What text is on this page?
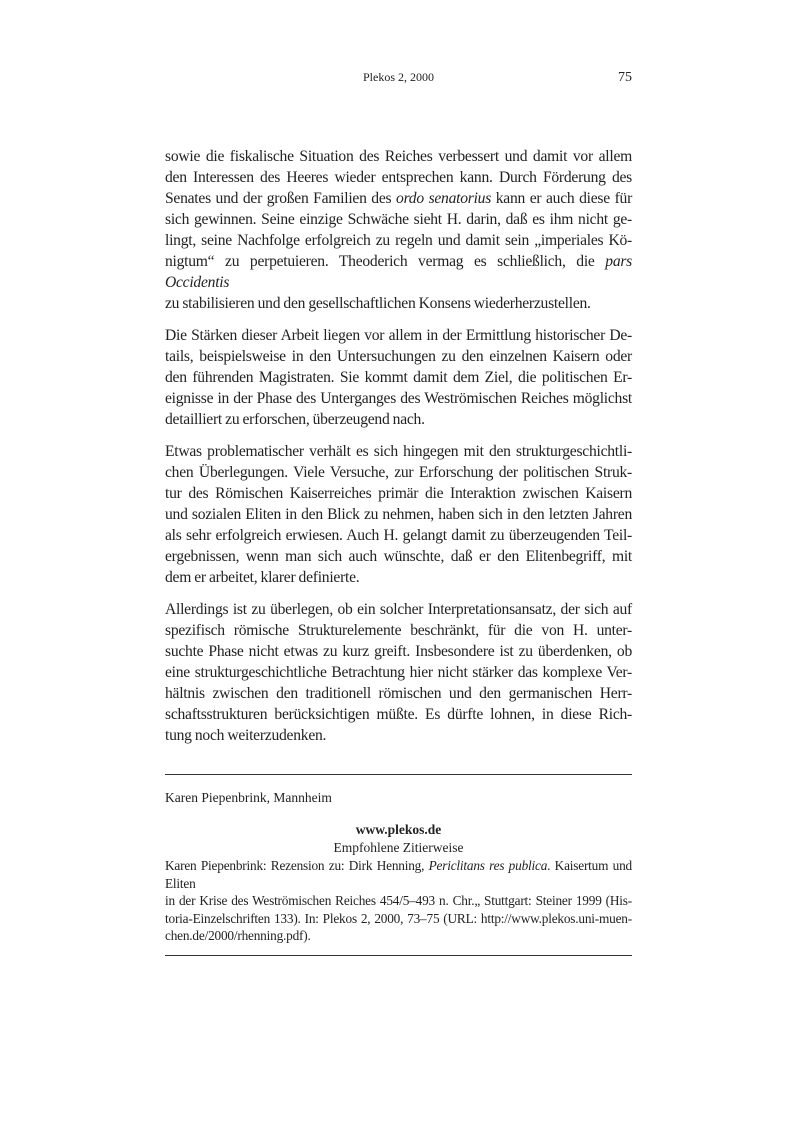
Plekos 2, 2000	75
sowie die fiskalische Situation des Reiches verbessert und damit vor allem
den Interessen des Heeres wieder entsprechen kann. Durch Förderung des
Senates und der großen Familien des ordo senatorius kann er auch diese für
sich gewinnen. Seine einzige Schwäche sieht H. darin, daß es ihm nicht ge-
lingt, seine Nachfolge erfolgreich zu regeln und damit sein „imperiales Kö-
nigtum“ zu perpetuieren. Theoderich vermag es schließlich, die pars Occidentis
zu stabilisieren und den gesellschaftlichen Konsens wiederherzustellen.
Die Stärken dieser Arbeit liegen vor allem in der Ermittlung historischer De-
tails, beispielsweise in den Untersuchungen zu den einzelnen Kaisern oder
den führenden Magistraten. Sie kommt damit dem Ziel, die politischen Er-
eignisse in der Phase des Unterganges des Weströmischen Reiches möglichst
detailliert zu erforschen, überzeugend nach.
Etwas problematischer verhält es sich hingegen mit den strukturgeschichtli-
chen Überlegungen. Viele Versuche, zur Erforschung der politischen Struk-
tur des Römischen Kaiserreiches primär die Interaktion zwischen Kaisern
und sozialen Eliten in den Blick zu nehmen, haben sich in den letzten Jahren
als sehr erfolgreich erwiesen. Auch H. gelangt damit zu überzeugenden Teil-
ergebnissen, wenn man sich auch wünschte, daß er den Elitenbegriff, mit
dem er arbeitet, klarer definierte.
Allerdings ist zu überlegen, ob ein solcher Interpretationsansatz, der sich auf
spezifisch römische Strukturelemente beschränkt, für die von H. unter-
suchte Phase nicht etwas zu kurz greift. Insbesondere ist zu überdenken, ob
eine strukturgeschichtliche Betrachtung hier nicht stärker das komplexe Ver-
hältnis zwischen den traditionell römischen und den germanischen Herr-
schaftsstrukturen berücksichtigen müßte. Es dürfte lohnen, in diese Rich-
tung noch weiterzudenken.
Karen Piepenbrink, Mannheim
www.plekos.de
Empfohlene Zitierweise
Karen Piepenbrink: Rezension zu: Dirk Henning, Periclitans res publica. Kaisertum und Eliten
in der Krise des Weströmischen Reiches 454/5–493 n. Chr.„ Stuttgart: Steiner 1999 (His-
toria-Einzelschriften 133). In: Plekos 2, 2000, 73–75 (URL: http://www.plekos.uni-muen-
chen.de/2000/rhenning.pdf).
